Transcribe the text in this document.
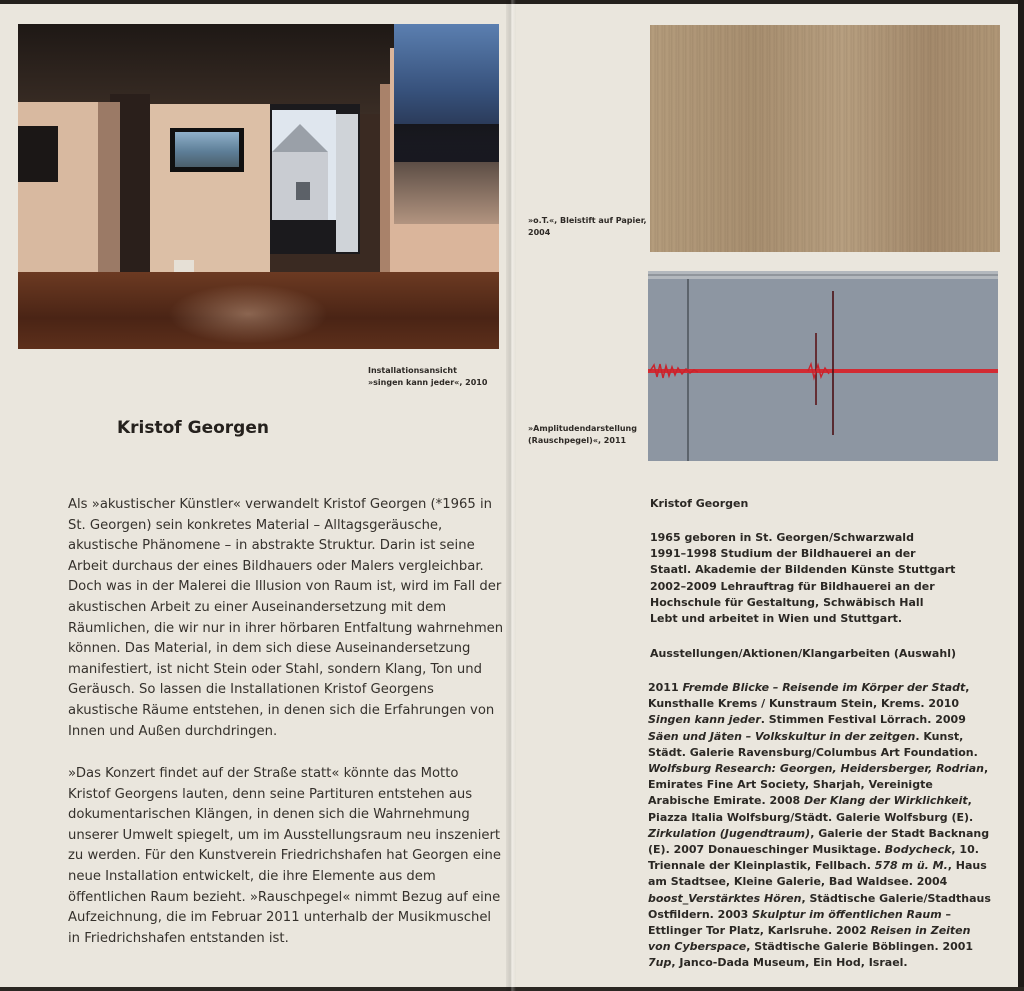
Installationsansicht
»singen kann jeder«, 2010
»o.T.«, Bleistift auf Papier,
2004
»Amplitudendarstellung
(Rauschpegel)«, 2011
Kristof Georgen
Als »akustischer Künstler« verwandelt Kristof Georgen (*1965 in St. Georgen) sein konkretes Material – Alltagsgeräusche, akustische Phänomene – in abstrakte Struktur. Darin ist seine Arbeit durchaus der eines Bildhauers oder Malers vergleichbar. Doch was in der Malerei die Illusion von Raum ist, wird im Fall der akustischen Arbeit zu einer Auseinandersetzung mit dem Räumlichen, die wir nur in ihrer hörbaren Entfaltung wahrnehmen können. Das Material, in dem sich diese Auseinandersetzung manifestiert, ist nicht Stein oder Stahl, sondern Klang, Ton und Geräusch. So lassen die Installationen Kristof Georgens akustische Räume entstehen, in denen sich die Erfahrungen von Innen und Außen durchdringen.
»Das Konzert findet auf der Straße statt« könnte das Motto Kristof Georgens lauten, denn seine Partituren entstehen aus dokumentarischen Klängen, in denen sich die Wahrnehmung unserer Umwelt spiegelt, um im Ausstellungsraum neu inszeniert zu werden. Für den Kunstverein Friedrichshafen hat Georgen eine neue Installation entwickelt, die ihre Elemente aus dem öffentlichen Raum bezieht. »Rauschpegel« nimmt Bezug auf eine Aufzeichnung, die im Februar 2011 unterhalb der Musikmuschel in Friedrichshafen entstanden ist.
Kristof Georgen
1965 geboren in St. Georgen/Schwarzwald
1991–1998 Studium der Bildhauerei an der
Staatl. Akademie der Bildenden Künste Stuttgart
2002–2009 Lehrauftrag für Bildhauerei an der
Hochschule für Gestaltung, Schwäbisch Hall
Lebt und arbeitet in Wien und Stuttgart.
Ausstellungen/Aktionen/Klangarbeiten (Auswahl)
2011 Fremde Blicke – Reisende im Körper der Stadt, Kunsthalle Krems / Kunstraum Stein, Krems. 2010 Singen kann jeder. Stimmen Festival Lörrach. 2009 Säen und Jäten – Volkskultur in der zeitgen. Kunst, Städt. Galerie Ravensburg/Columbus Art Foundation. Wolfsburg Research: Georgen, Heidersberger, Rodrian, Emirates Fine Art Society, Sharjah, Vereinigte Arabische Emirate. 2008 Der Klang der Wirklichkeit, Piazza Italia Wolfsburg/Städt. Galerie Wolfsburg (E). Zirkulation (Jugendtraum), Galerie der Stadt Backnang (E). 2007 Donaueschinger Musiktage. Bodycheck, 10. Triennale der Kleinplastik, Fellbach. 578 m ü. M., Haus am Stadtsee, Kleine Galerie, Bad Waldsee. 2004 boost_Verstärktes Hören, Städtische Galerie/Stadthaus Ostfildern. 2003 Skulptur im öffentlichen Raum – Ettlinger Tor Platz, Karlsruhe. 2002 Reisen in Zeiten von Cyberspace, Städtische Galerie Böblingen. 2001 7up, Janco-Dada Museum, Ein Hod, Israel.
